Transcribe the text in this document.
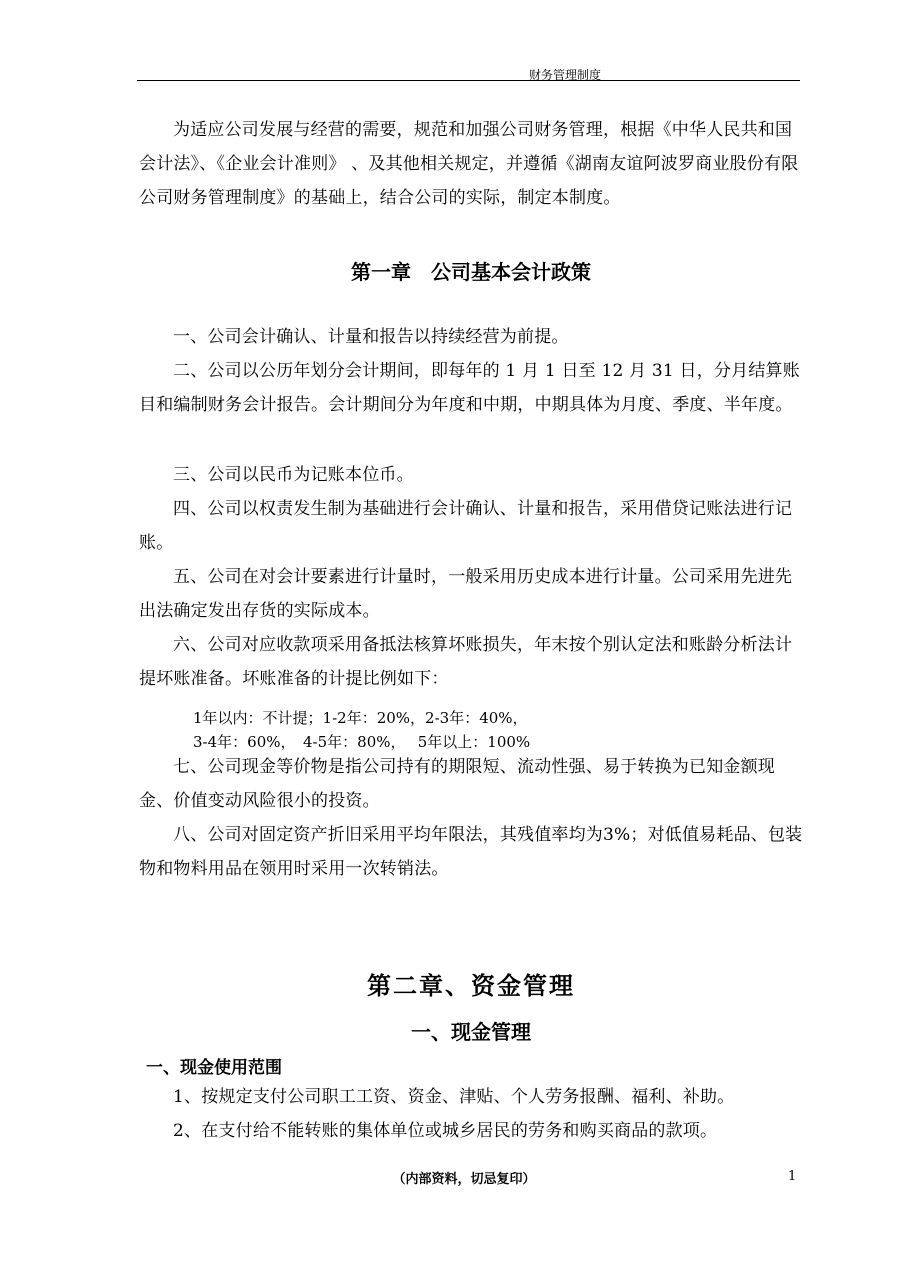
财务管理制度

为适应公司发展与经营的需要，规范和加强公司财务管理，根据《中华人民共和国会计法》、《企业会计准则》 、及其他相关规定，并遵循《湖南友谊阿波罗商业股份有限公司财务管理制度》的基础上，结合公司的实际，制定本制度。

第一章　公司基本会计政策

一、公司会计确认、计量和报告以持续经营为前提。

二、公司以公历年划分会计期间，即每年的 1 月 1 日至 12 月 31 日，分月结算账目和编制财务会计报告。会计期间分为年度和中期，中期具体为月度、季度、半年度。

三、公司以民币为记账本位币。

四、公司以权责发生制为基础进行会计确认、计量和报告，采用借贷记账法进行记账。

五、公司在对会计要素进行计量时，一般采用历史成本进行计量。公司采用先进先出法确定发出存货的实际成本。

六、公司对应收款项采用备抵法核算坏账损失，年末按个别认定法和账龄分析法计提坏账准备。坏账准备的计提比例如下：

1年以内：不计提；1-2年：20%，2-3年：40%，
3-4年：60%，　4-5年：80%，　 5年以上：100%

七、公司现金等价物是指公司持有的期限短、流动性强、易于转换为已知金额现金、价值变动风险很小的投资。

八、公司对固定资产折旧采用平均年限法，其残值率均为3%；对低值易耗品、包装物和物料用品在领用时采用一次转销法。

第二章、资金管理
一、现金管理
一、现金使用范围

1、按规定支付公司职工工资、资金、津贴、个人劳务报酬、福利、补助。

2、在支付给不能转账的集体单位或城乡居民的劳务和购买商品的款项。

（内部资料，切忌复印）	1
